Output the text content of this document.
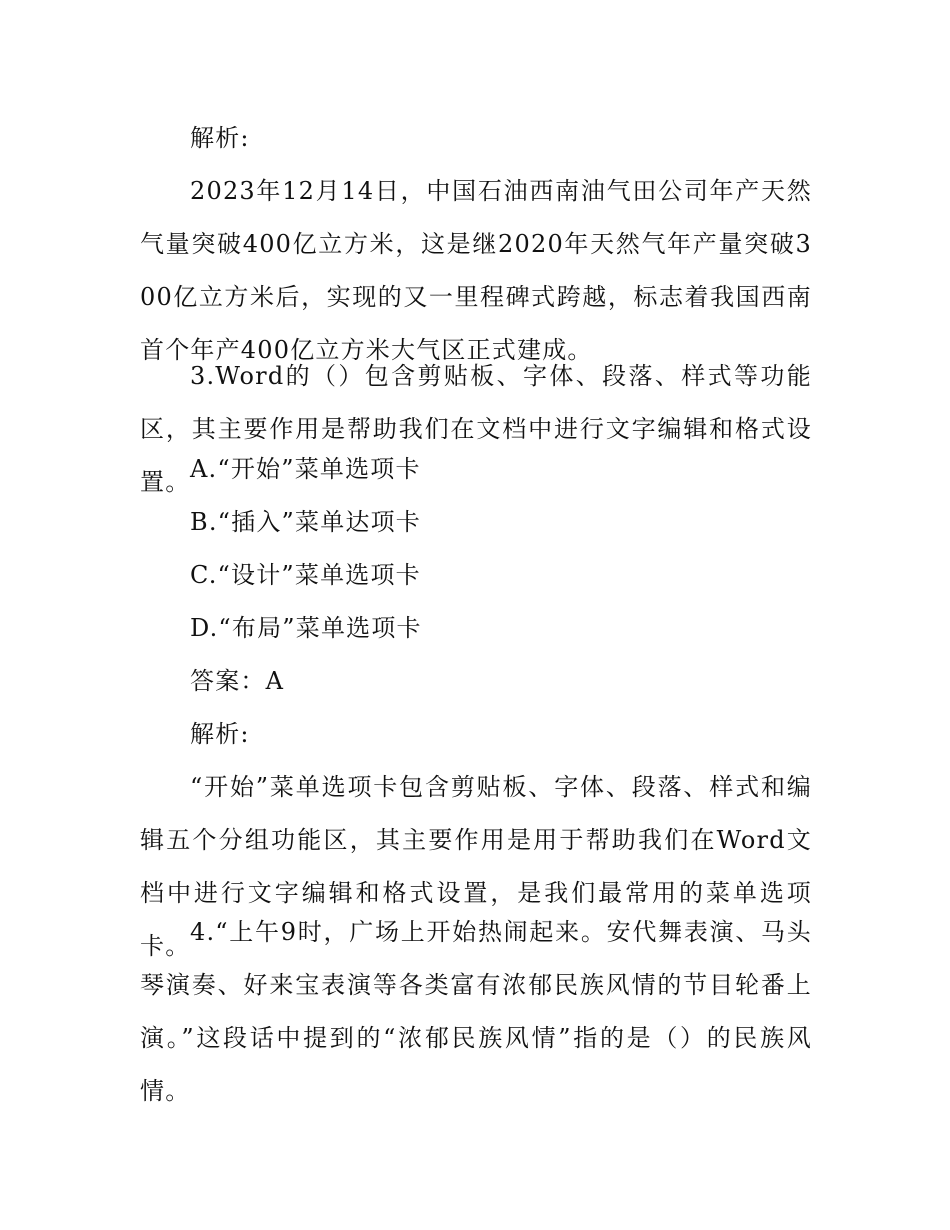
解析:

2023年12月14日，中国石油西南油气田公司年产天然气量突破400亿立方米，这是继2020年天然气年产量突破300亿立方米后，实现的又一里程碑式跨越，标志着我国西南首个年产400亿立方米大气区正式建成。

3.Word的（）包含剪贴板、字体、段落、样式等功能区，其主要作用是帮助我们在文档中进行文字编辑和格式设置。 A.“开始”菜单选项卡

B.“插入”菜单达项卡

C.“设计”菜单选项卡

D.“布局”菜单选项卡

答案：A

解析:

“开始”菜单选项卡包含剪贴板、字体、段落、样式和编辑五个分组功能区，其主要作用是用于帮助我们在Word文档中进行文字编辑和格式设置，是我们最常用的菜单选项卡。 4.“上午9时，广场上开始热闹起来。安代舞表演、马头琴演奏、好来宝表演等各类富有浓郁民族风情的节目轮番上演。”这段话中提到的“浓郁民族风情”指的是（）的民族风情。
